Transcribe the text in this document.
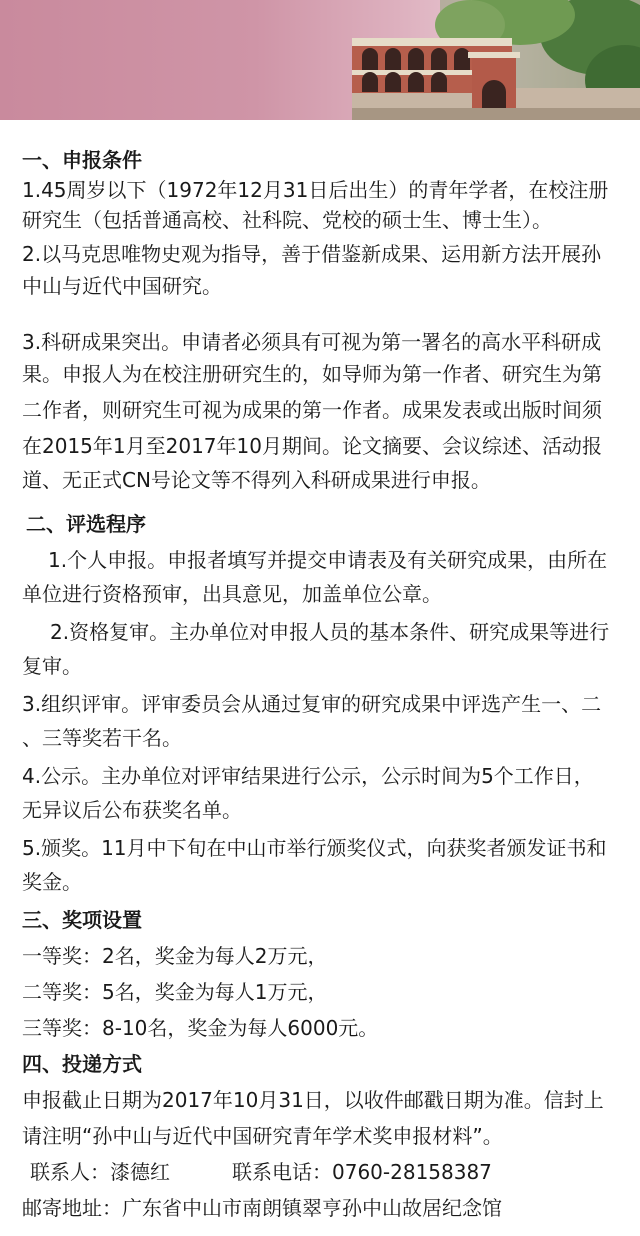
一、申报条件
1.45周岁以下（1972年12月31日后出生）的青年学者，在校注册
研究生（包括普通高校、社科院、党校的硕士生、博士生）。
2.以马克思唯物史观为指导，善于借鉴新成果、运用新方法开展孙
中山与近代中国研究。
3.科研成果突出。申请者必须具有可视为第一署名的高水平科研成
果。申报人为在校注册研究生的，如导师为第一作者、研究生为第
二作者，则研究生可视为成果的第一作者。成果发表或出版时间须
在2015年1月至2017年10月期间。论文摘要、会议综述、活动报
道、无正式CN号论文等不得列入科研成果进行申报。
二、评选程序
1.个人申报。申报者填写并提交申请表及有关研究成果，由所在
单位进行资格预审，出具意见，加盖单位公章。
2.资格复审。主办单位对申报人员的基本条件、研究成果等进行
复审。
3.组织评审。评审委员会从通过复审的研究成果中评选产生一、二
、三等奖若干名。
4.公示。主办单位对评审结果进行公示，公示时间为5个工作日，
无异议后公布获奖名单。
5.颁奖。11月中下旬在中山市举行颁奖仪式，向获奖者颁发证书和
奖金。
三、奖项设置
一等奖：2名，奖金为每人2万元，
二等奖：5名，奖金为每人1万元，
三等奖：8-10名，奖金为每人6000元。
四、投递方式
申报截止日期为2017年10月31日，以收件邮戳日期为准。信封上
请注明“孙中山与近代中国研究青年学术奖申报材料”。
联系人：漆德红	联系电话：0760-28158387
邮寄地址：广东省中山市南朗镇翠亨孙中山故居纪念馆
